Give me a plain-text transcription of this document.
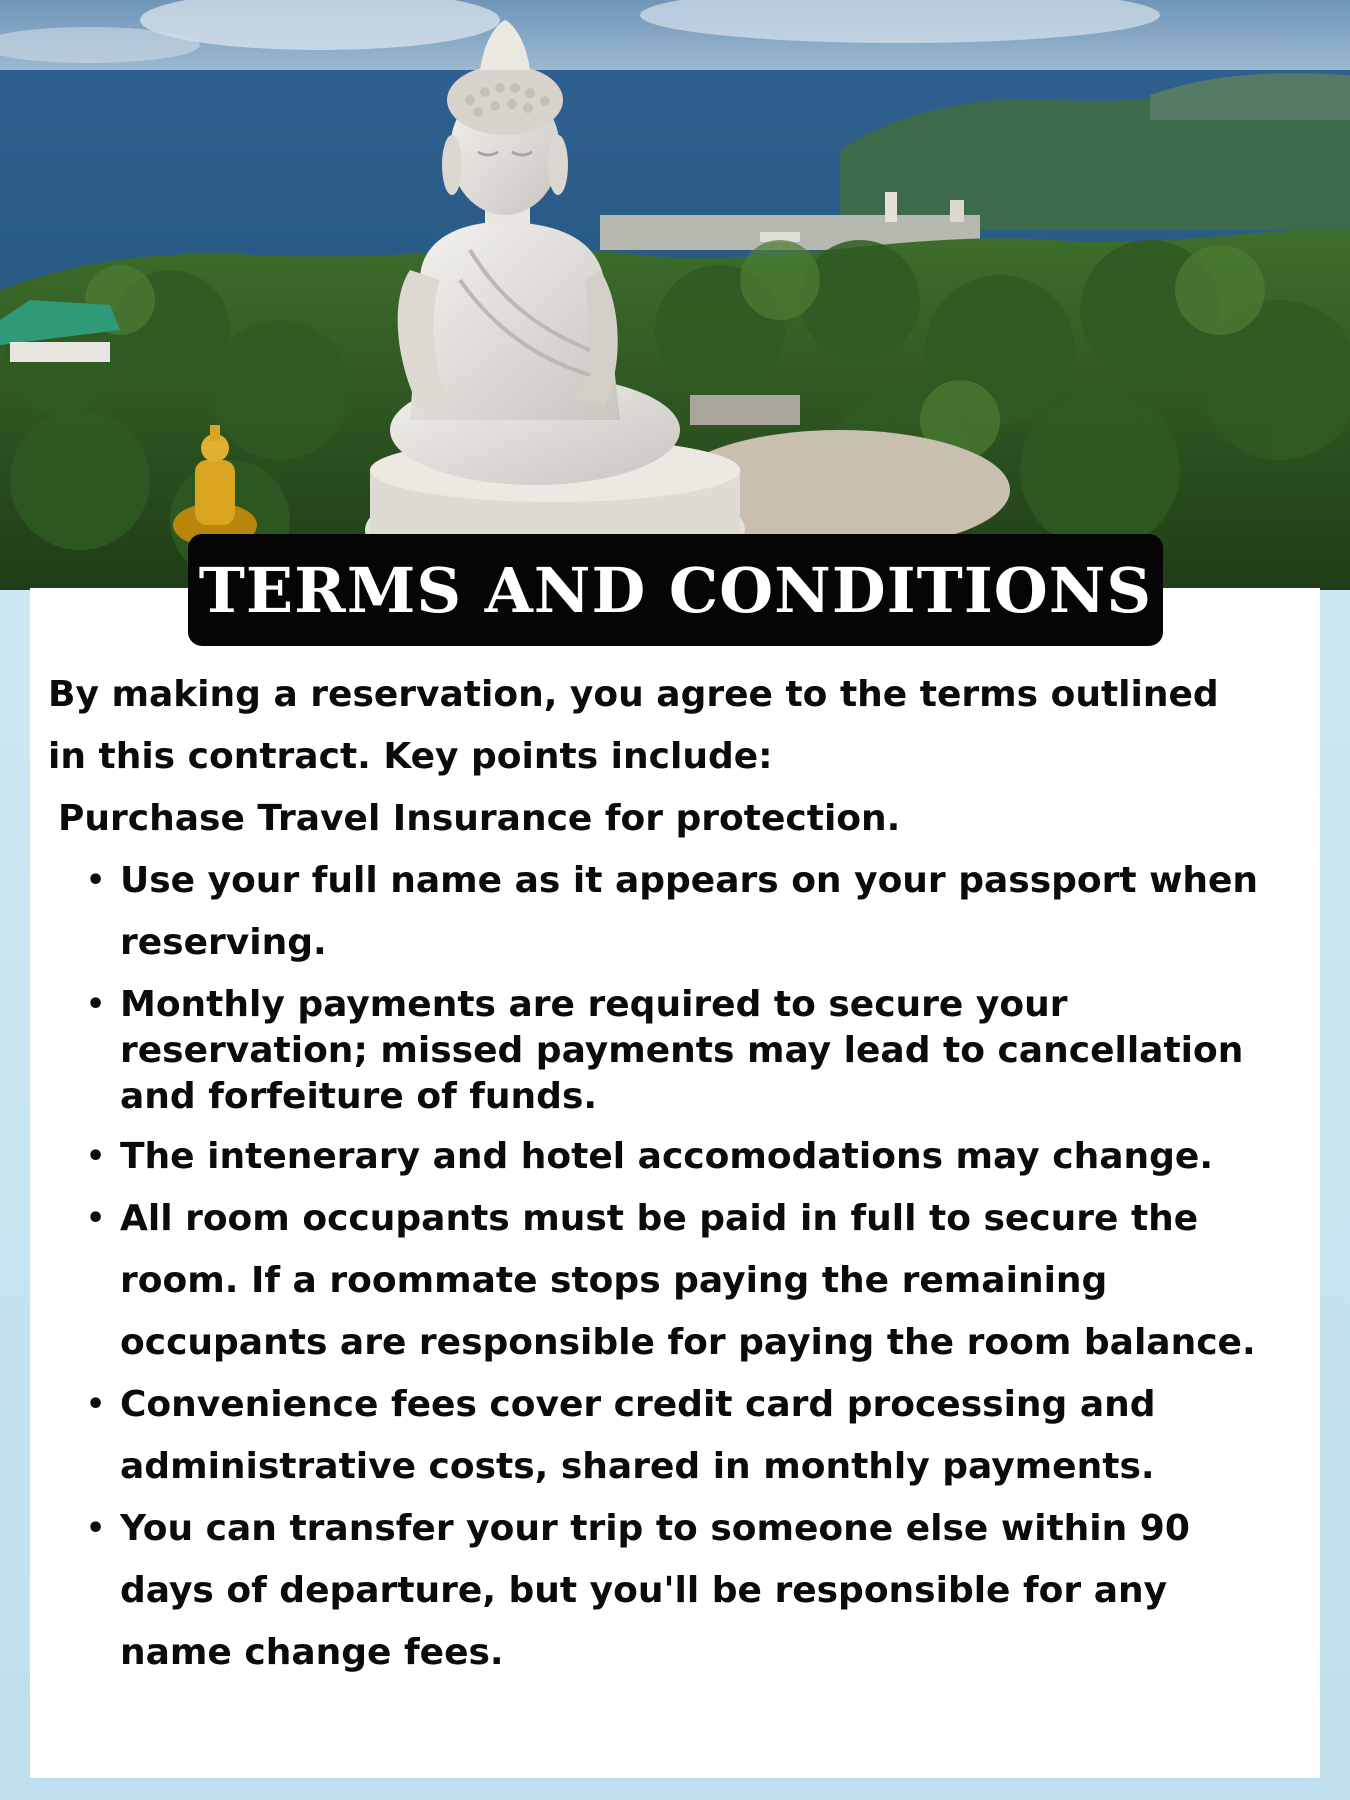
TERMS AND CONDITIONS
By making a reservation, you agree to the terms outlined
in this contract. Key points include:
Purchase Travel Insurance for protection.
• Use your full name as it appears on your passport when reserving.
• Monthly payments are required to secure your reservation; missed payments may lead to cancellation and forfeiture of funds.
• The intenerary and hotel accomodations may change.
• All room occupants must be paid in full to secure the room. If a roommate stops paying the remaining occupants are responsible for paying the room balance.
• Convenience fees cover credit card processing and administrative costs, shared in monthly payments.
• You can transfer your trip to someone else within 90 days of departure, but you'll be responsible for any name change fees.
